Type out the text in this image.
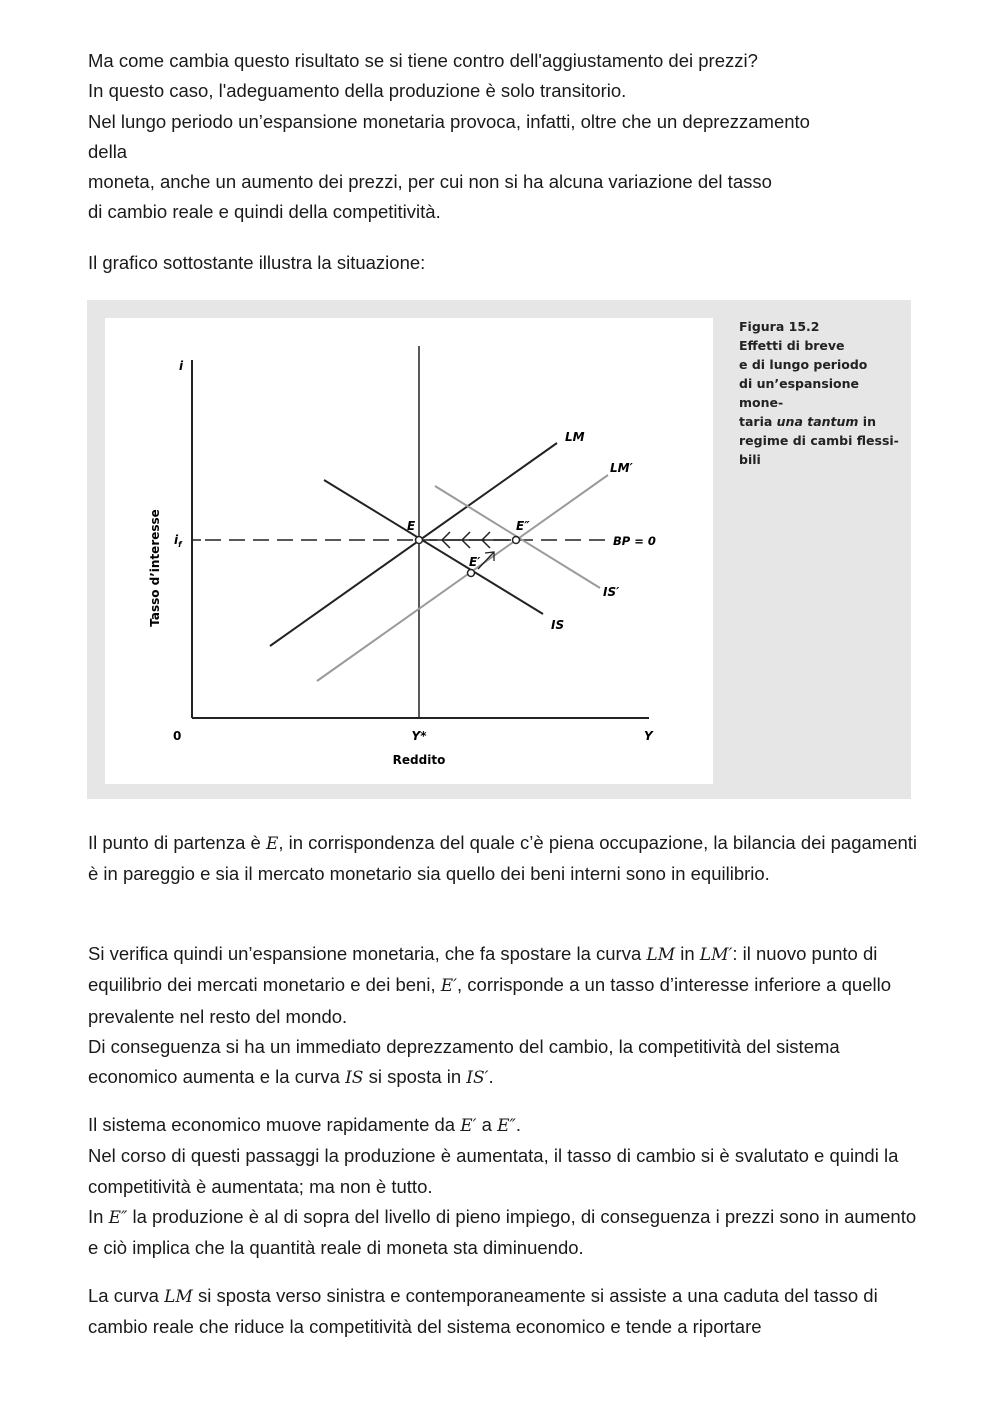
Ma come cambia questo risultato se si tiene contro dell'aggiustamento dei prezzi?

In questo caso, l'adeguamento della produzione è solo transitorio.

Nel lungo periodo un’espansione monetaria provoca, infatti, oltre che un deprezzamento

della

moneta, anche un aumento dei prezzi, per cui non si ha alcuna variazione del tasso

di cambio reale e quindi della competitività.

Il grafico sottostante illustra la situazione:

i
$i_f$
Tasso d’interesse
0	Y*	Y
Reddito
LM
LM′
IS
IS′
BP = 0
E
E′
E″
Figura 15.2
Effetti di breve
e di lungo periodo
di un’espansione mone-
taria una tantum in
regime di cambi flessi-
bili

Il punto di partenza è E, in corrispondenza del quale c’è piena occupazione, la bilancia dei pagamenti è in pareggio e sia il mercato monetario sia quello dei beni interni sono in equilibrio.

Si verifica quindi un’espansione monetaria, che fa spostare la curva LM in LM′: il nuovo punto di equilibrio dei mercati monetario e dei beni, E′, corrisponde a un tasso d’interesse inferiore a quello prevalente nel resto del mondo.

Di conseguenza si ha un immediato deprezzamento del cambio, la competitività del sistema economico aumenta e la curva IS si sposta in IS′.

Il sistema economico muove rapidamente da E′ a E″.

Nel corso di questi passaggi la produzione è aumentata, il tasso di cambio si è svalutato e quindi la competitività è aumentata; ma non è tutto.

In E″ la produzione è al di sopra del livello di pieno impiego, di conseguenza i prezzi sono in aumento e ciò implica che la quantità reale di moneta sta diminuendo.

La curva LM si sposta verso sinistra e contemporaneamente si assiste a una caduta del tasso di cambio reale che riduce la competitività del sistema economico e tende a riportare
